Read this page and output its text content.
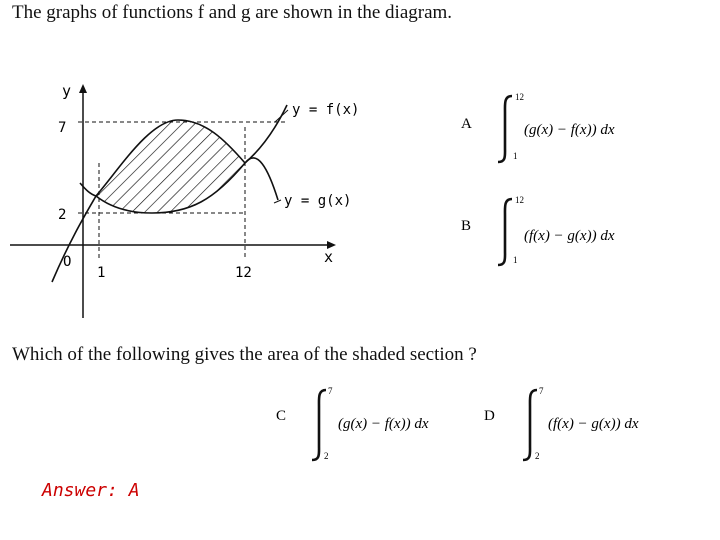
The graphs of functions f and g are shown in the diagram.
y
x
O
7
2
1	12
y = f(x)
y = g(x)
A
12
1
(g(x) − f(x)) dx
B
12
1
(f(x) − g(x)) dx
C
7
2
(g(x) − f(x)) dx	D
7
2
(f(x) − g(x)) dx
Which of the following gives the area of the shaded section ?
Answer: A
